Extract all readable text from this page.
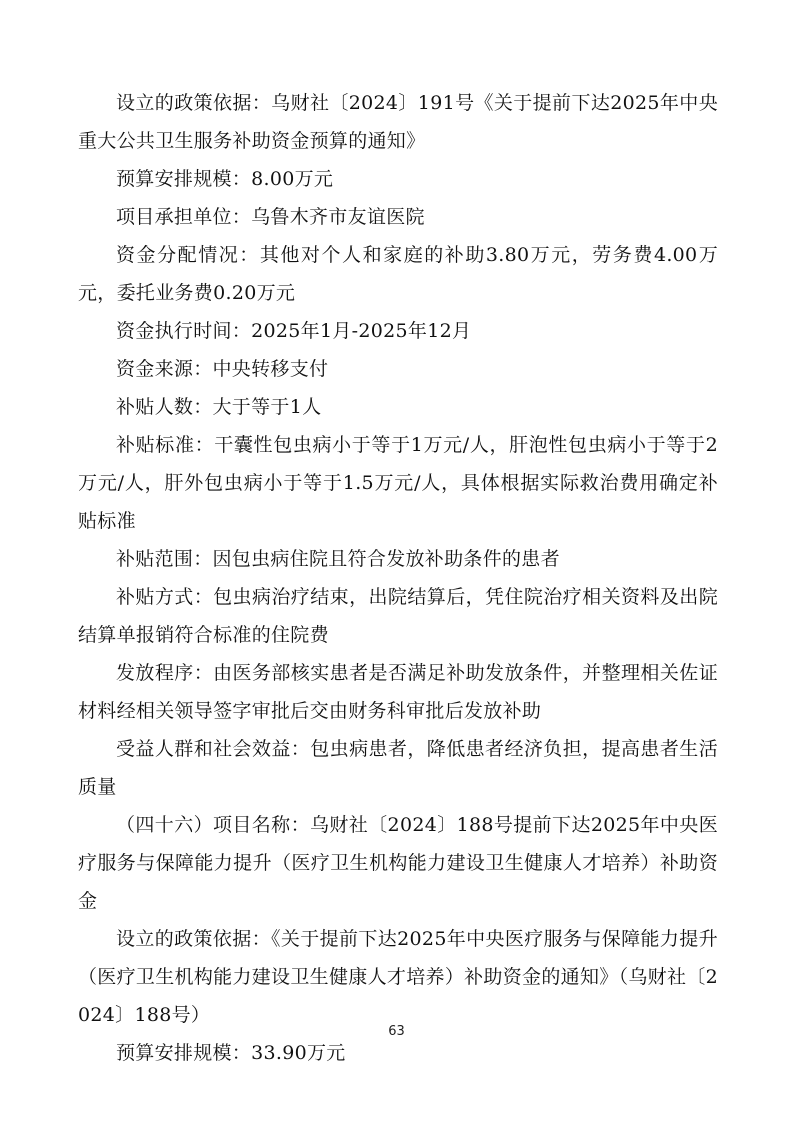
设立的政策依据：乌财社〔2024〕191号《关于提前下达2025年中央重大公共卫生服务补助资金预算的通知》

预算安排规模：8.00万元

项目承担单位：乌鲁木齐市友谊医院

资金分配情况：其他对个人和家庭的补助3.80万元，劳务费4.00万元，委托业务费0.20万元

资金执行时间：2025年1月-2025年12月

资金来源：中央转移支付

补贴人数：大于等于1人

补贴标准：干囊性包虫病小于等于1万元/人，肝泡性包虫病小于等于2万元/人，肝外包虫病小于等于1.5万元/人，具体根据实际救治费用确定补贴标准

补贴范围：因包虫病住院且符合发放补助条件的患者

补贴方式：包虫病治疗结束，出院结算后，凭住院治疗相关资料及出院结算单报销符合标准的住院费

发放程序：由医务部核实患者是否满足补助发放条件，并整理相关佐证材料经相关领导签字审批后交由财务科审批后发放补助

受益人群和社会效益：包虫病患者，降低患者经济负担，提高患者生活质量

（四十六）项目名称：乌财社〔2024〕188号提前下达2025年中央医疗服务与保障能力提升（医疗卫生机构能力建设卫生健康人才培养）补助资金

设立的政策依据：《关于提前下达2025年中央医疗服务与保障能力提升（医疗卫生机构能力建设卫生健康人才培养）补助资金的通知》（乌财社〔2024〕188号）

预算安排规模：33.90万元

63
